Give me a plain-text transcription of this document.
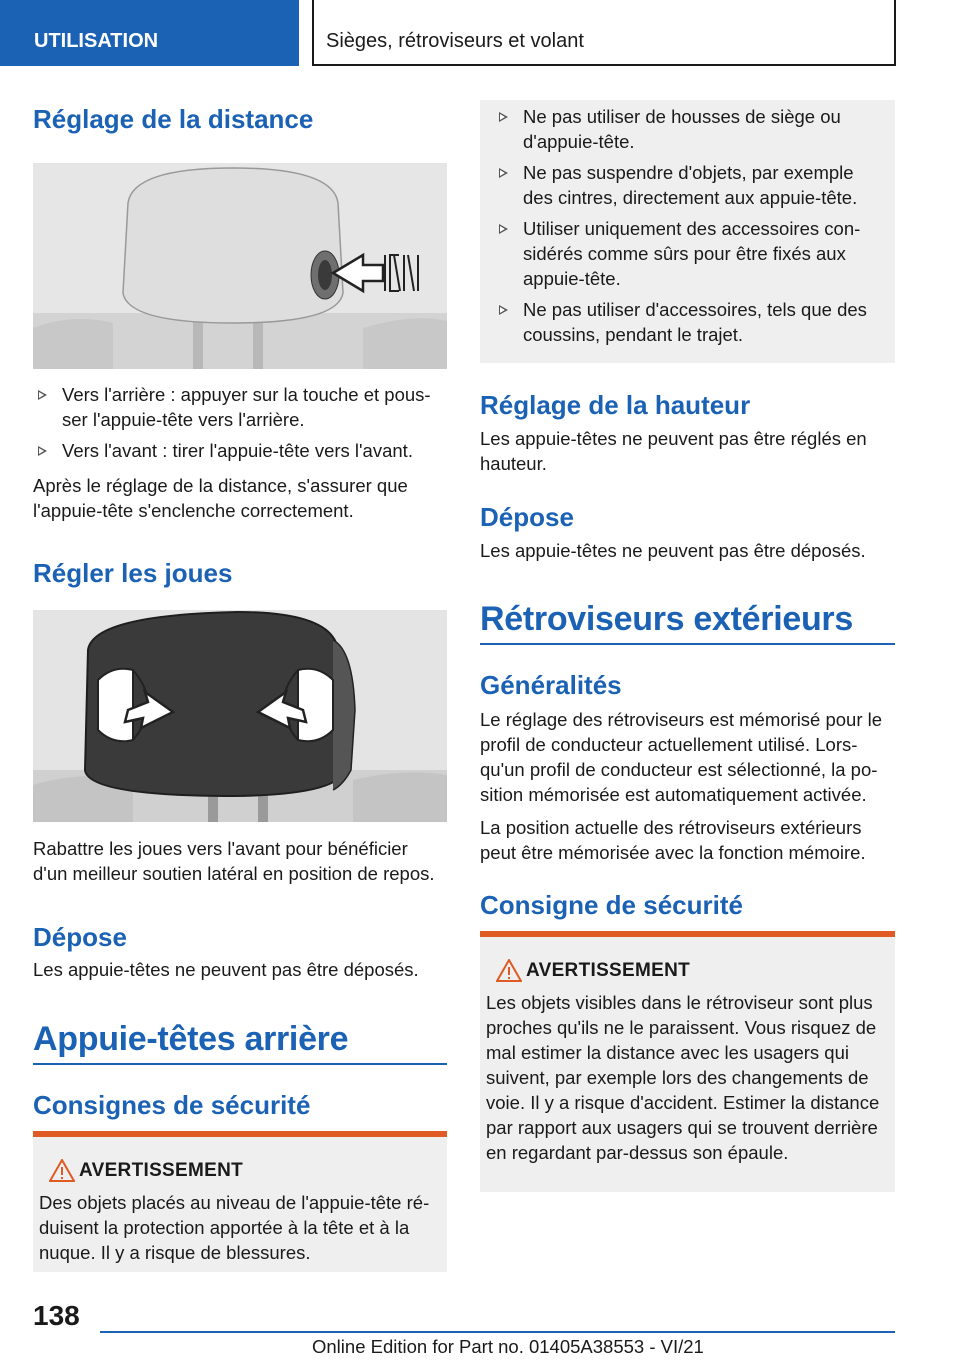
UTILISATION	Sièges, rétroviseurs et volant
Réglage de la distance
Vers l'arrière : appuyer sur la touche et pousser l'appuie-tête vers l'arrière.
Vers l'avant : tirer l'appuie-tête vers l'avant.

Après le réglage de la distance, s'assurer que l'appuie-tête s'enclenche correctement.

Régler les joues

Rabattre les joues vers l'avant pour bénéficier d'un meilleur soutien latéral en position de repos.

Dépose

Les appuie-têtes ne peuvent pas être déposés.

Appuie-têtes arrière
Consignes de sécurité
AVERTISSEMENT

Des objets placés au niveau de l'appuie-tête réduisent la protection apportée à la tête et à la nuque. Il y a risque de blessures.

Ne pas utiliser de housses de siège ou d'appuie-tête.
Ne pas suspendre d'objets, par exemple des cintres, directement aux appuie-tête.
Utiliser uniquement des accessoires considérés comme sûrs pour être fixés aux appuie-tête.
Ne pas utiliser d'accessoires, tels que des coussins, pendant le trajet.
Réglage de la hauteur

Les appuie-têtes ne peuvent pas être réglés en hauteur.

Dépose

Les appuie-têtes ne peuvent pas être déposés.

Rétroviseurs extérieurs
Généralités

Le réglage des rétroviseurs est mémorisé pour le profil de conducteur actuellement utilisé. Lorsqu'un profil de conducteur est sélectionné, la position mémorisée est automatiquement activée.

La position actuelle des rétroviseurs extérieurs peut être mémorisée avec la fonction mémoire.

Consigne de sécurité
AVERTISSEMENT

Les objets visibles dans le rétroviseur sont plus proches qu'ils ne le paraissent. Vous risquez de mal estimer la distance avec les usagers qui suivent, par exemple lors des changements de voie. Il y a risque d'accident. Estimer la distance par rapport aux usagers qui se trouvent derrière en regardant par-dessus son épaule.

138
Online Edition for Part no. 01405A38553 - VI/21
